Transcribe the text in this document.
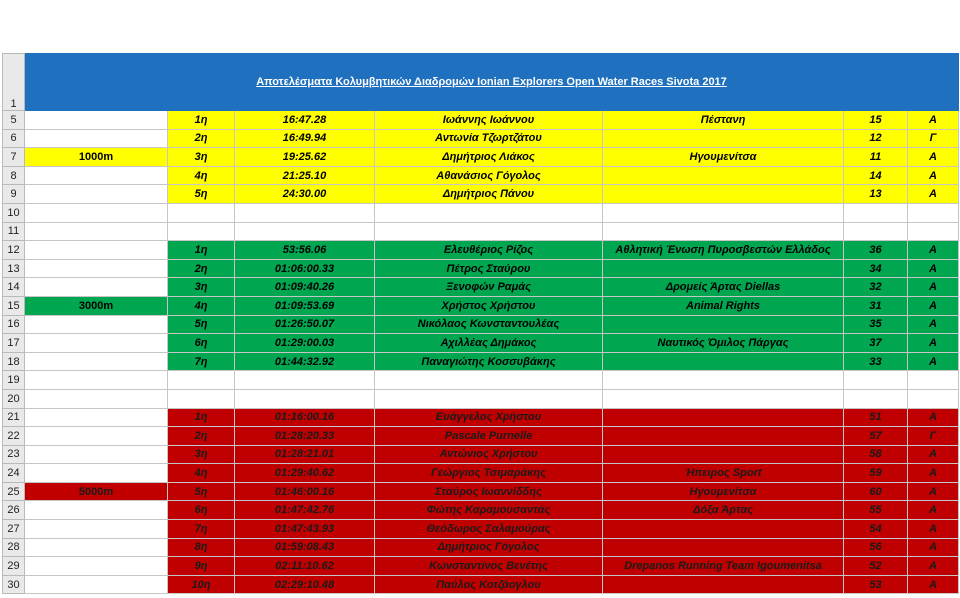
1	Αποτελέσματα Κολυμβητικών Διαδρομών Ionian Explorers Open Water Races Sivota 2017						
5		1η	16:47.28	Ιωάννης Ιωάννου	Πέστανη	15	Α
6		2η	16:49.94	Αντωνία Τζωρτζάτου		12	Γ
7	1000m	3η	19:25.62	Δημήτριος Λιάκος	Ηγουμενίτσα	11	Α
8		4η	21:25.10	Αθανάσιος Γόγολος		14	Α
9		5η	24:30.00	Δημήτριος Πάνου		13	Α
10							
11							
12		1η	53:56.06	Ελευθέριος Ρίζος	Αθλητική Ένωση Πυροσβεστών Ελλάδος	36	Α
13		2η	01:06:00.33	Πέτρος Σταύρου		34	Α
14		3η	01:09:40.26	Ξενοφών Ραμάς	Δρομείς Άρτας Diellas	32	Α
15	3000m	4η	01:09:53.69	Χρήστος Χρήστου	Animal Rights	31	Α
16		5η	01:26:50.07	Νικόλαος Κωνσταντουλέας		35	Α
17		6η	01:29:00.03	Αχιλλέας Δημάκος	Ναυτικός Όμιλος Πάργας	37	Α
18		7η	01:44:32.92	Παναγιώτης Κοσσυβάκης		33	Α
19							
20							
21		1η	01:16:00.16	Ευάγγελος Χρήστου		51	Α
22		2η	01:28:20.33	Pascale Purnelle		57	Γ
23		3η	01:28:21.01	Αντώνιος Χρήστου		58	Α
24		4η	01:29:40.62	Γεώργιος Τσιμαράκης	Ήπειρος Sport	59	Α
25	5000m	5η	01:46:00.16	Σταύρος Ιωαννίδδης	Ηγουμενίτσα	60	Α
26		6η	01:47:42.76	Φώτης Καραμουσαντάς	Δόξα Άρτας	55	Α
27		7η	01:47:43.93	Θεόδωρος Σαλαμούρας		54	Α
28		8η	01:59:08.43	Δημήτριος Γόγολος		56	Α
29		9η	02:11:10.62	Κωνσταντίνος Βενέτης	Drepanos Running Team Igoumenitsa	52	Α
30		10η	02:29:10.48	Παύλος Κοτζάογλου		53	Α
